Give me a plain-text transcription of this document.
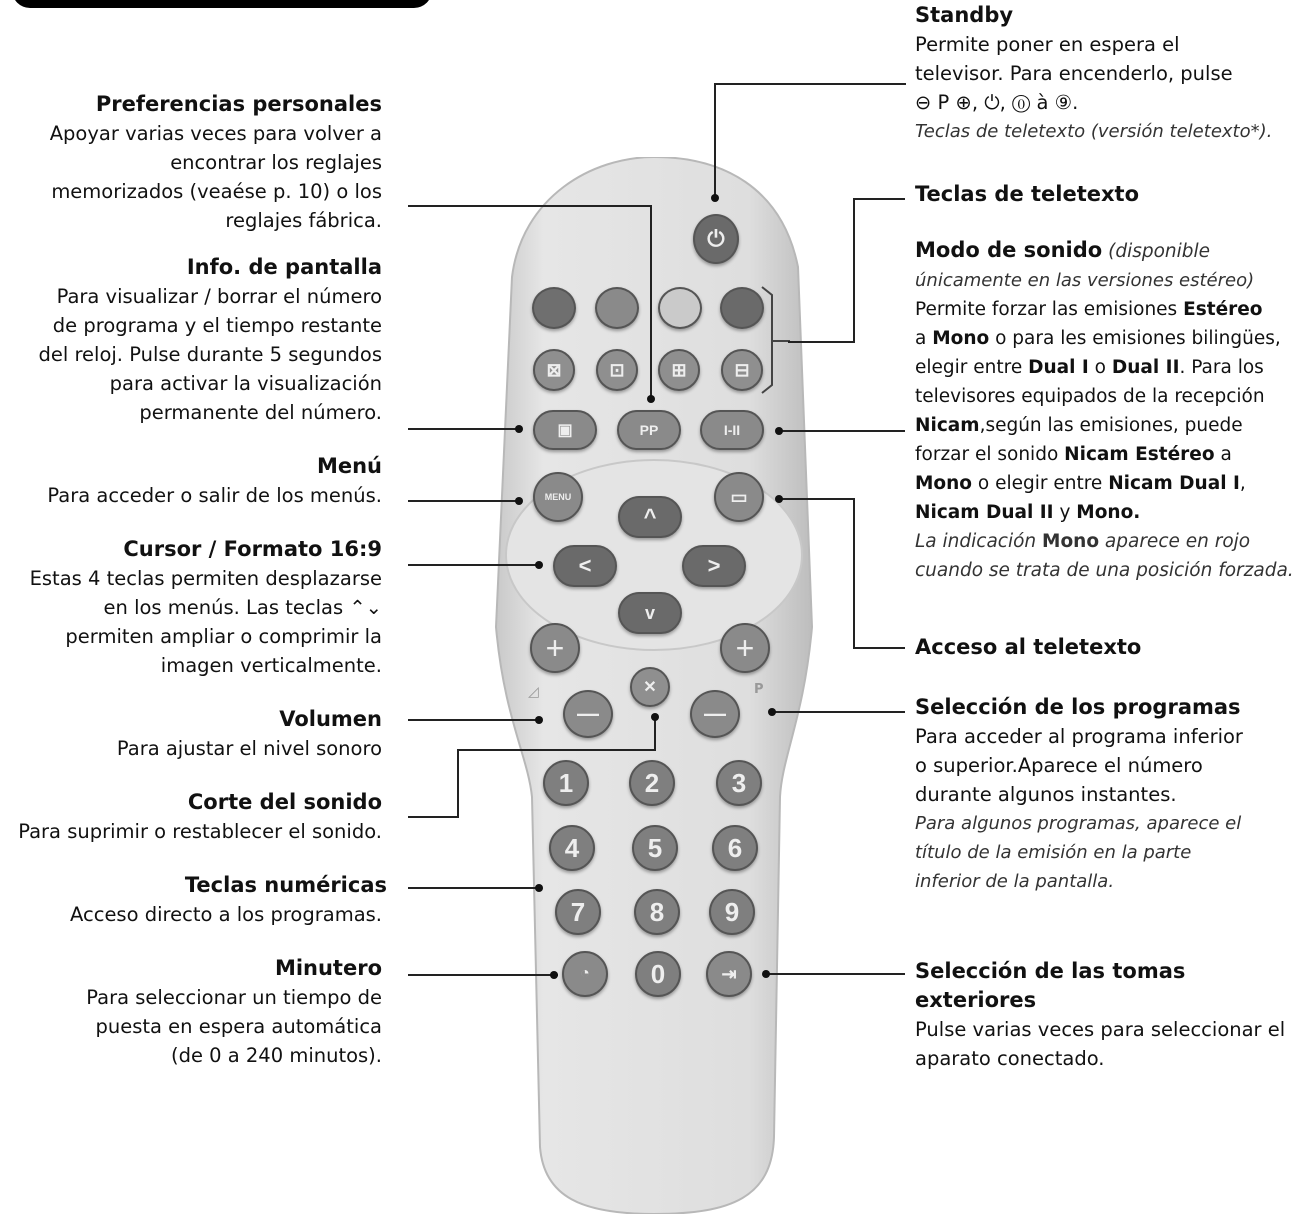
Preferencias personales
Apoyar varias veces para volver a
encontrar los reglajes
memorizados (veaése p. 10) o los
reglajes fábrica.
Info. de pantalla
Para visualizar / borrar el número
de programa y el tiempo restante
del reloj. Pulse durante 5 segundos
para activar la visualización
permanente del número.
Menú
Para acceder o salir de los menús.
Cursor / Formato 16:9
Estas 4 teclas permiten desplazarse
en los menús. Las teclas ⌃⌄
permiten ampliar o comprimir la
imagen verticalmente.
Volumen
Para ajustar el nivel sonoro
Corte del sonido
Para suprimir o restablecer el sonido.
Teclas numéricas
Acceso directo a los programas.
Minutero
Para seleccionar un tiempo de
puesta en espera automática
(de 0 a 240 minutos).
Standby
Permite poner en espera el
televisor. Para encenderlo, pulse
⊖ P ⊕, ⏻, ⓪ à ⑨.
Teclas de teletexto (versión teletexto*).
Teclas de teletexto
Modo de sonido (disponible
únicamente en las versiones estéreo)
Permite forzar las emisiones Estéreo
a Mono o para les emisiones bilingües,
elegir entre Dual I o Dual II. Para los
televisores equipados de la recepción
Nicam,según las emisiones, puede
forzar el sonido Nicam Estéreo a
Mono o elegir entre Nicam Dual I,
Nicam Dual II y Mono.
La indicación Mono aparece en rojo
cuando se trata de una posición forzada.
Acceso al teletexto
Selección de los programas
Para acceder al programa inferior
o superior.Aparece el número
durante algunos instantes.
Para algunos programas, aparece el
título de la emisión en la parte
inferior de la pantalla.
Selección de las tomas exteriores
Pulse varias veces para seleccionar el
aparato conectado.
⏻
⊠	⊡	⊞	⊟
▣	PP	I-II
MENU	▭
^
<	>
v
+	+
✕
◿	P
—	—
1	2	3
4	5	6
7 8 9
◔ 0	⇥
